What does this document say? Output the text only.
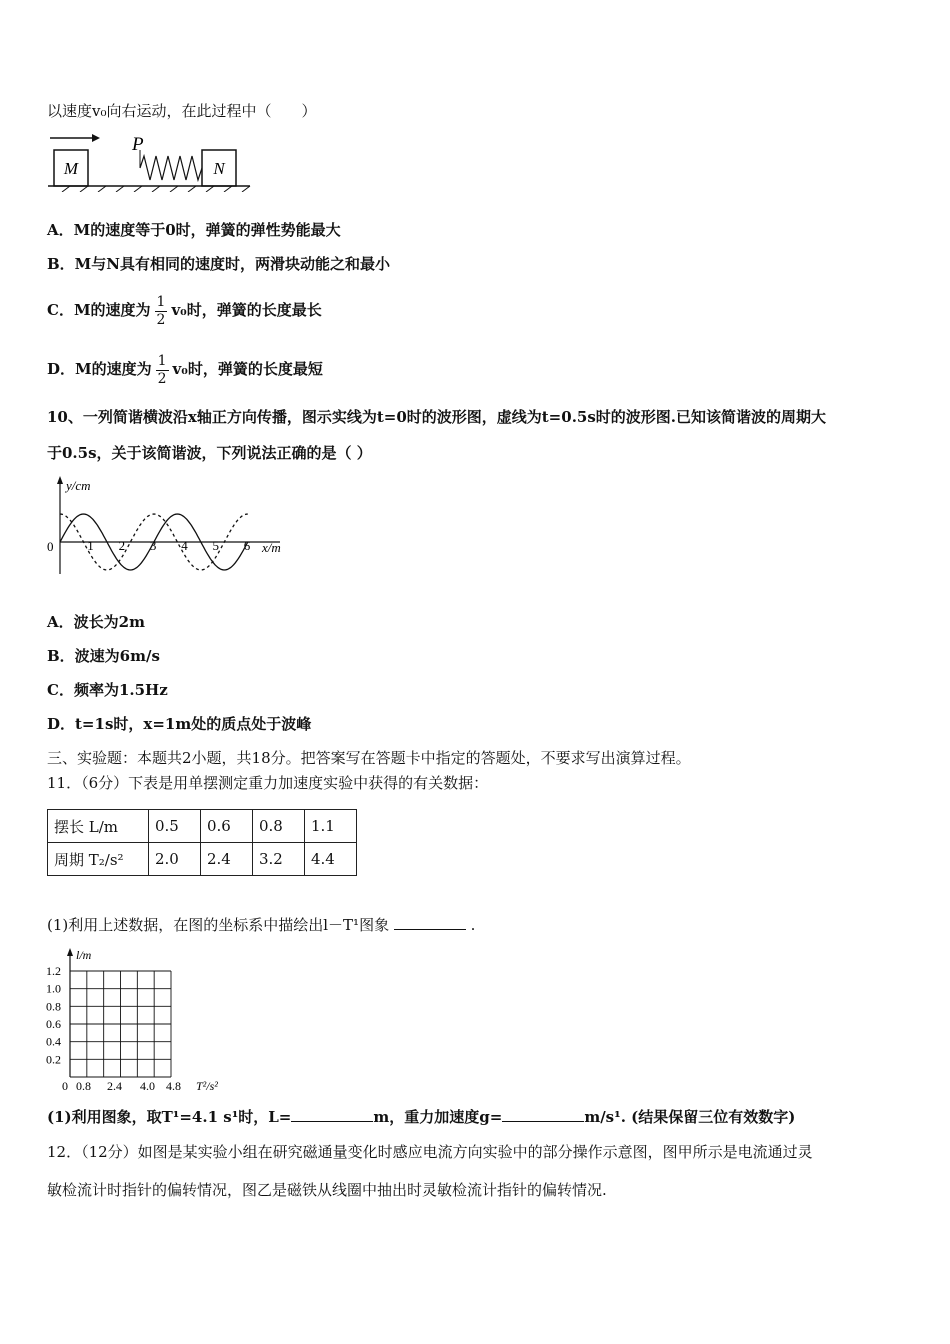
以速度v₀向右运动，在此过程中（　　）
M
P
N
A．M的速度等于0时，弹簧的弹性势能最大
B．M与N具有相同的速度时，两滑块动能之和最小
C．M的速度为 $\frac{1}{2} v_0$时，弹簧的长度最长
D．M的速度为 $\frac{1}{2} v_0$时，弹簧的长度最短
10、一列简谐横波沿x轴正方向传播，图示实线为t=0时的波形图，虚线为t=0.5s时的波形图.已知该简谐波的周期大
于0.5s，关于该简谐波，下列说法正确的是（ ）
y/cm
x/m
0	1 2 3 4 5 6
A．波长为2m
B．波速为6m/s
C．频率为1.5Hz
D．t=1s时，x=1m处的质点处于波峰
三、实验题：本题共2小题，共18分。把答案写在答题卡中指定的答题处，不要求写出演算过程。
11．（6分）下表是用单摆测定重力加速度实验中获得的有关数据：
摆长 L/m	0.5	0.6	0.8	1.1
周期 T₂/s²	2.0	2.4	3.2	4.4
(1)利用上述数据，在图的坐标系中描绘出l－T¹图象	.
l/m
1.2
1.0
0.8
0.6
0.4
0.2
0 0.8 2.4 4.0 4.8 T²/s²
(1)利用图象，取T¹=4.1 s¹时，L=	m，重力加速度g=	m/s¹. (结果保留三位有效数字)
12．（12分）如图是某实验小组在研究磁通量变化时感应电流方向实验中的部分操作示意图，图甲所示是电流通过灵
敏检流计时指针的偏转情况，图乙是磁铁从线圈中抽出时灵敏检流计指针的偏转情况.
